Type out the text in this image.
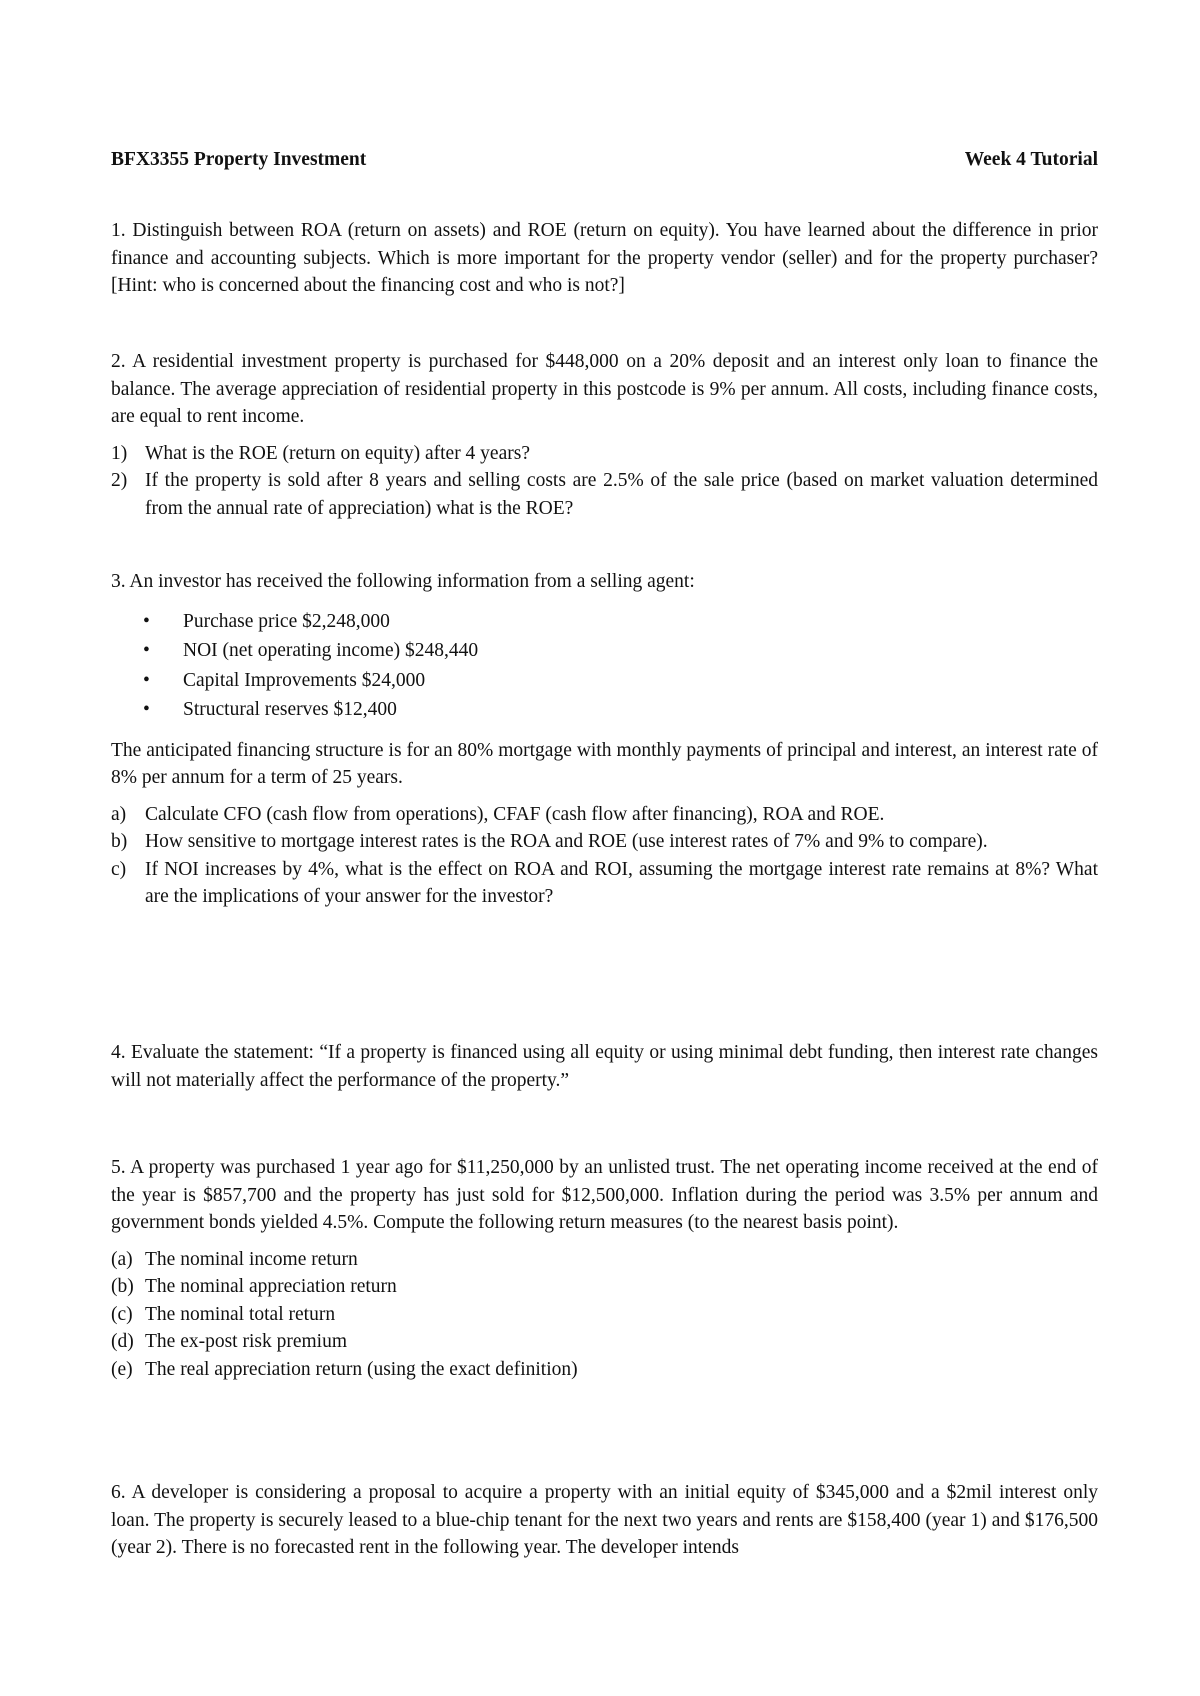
BFX3355 Property Investment	Week 4 Tutorial

1. Distinguish between ROA (return on assets) and ROE (return on equity). You have learned about the difference in prior finance and accounting subjects. Which is more important for the property vendor (seller) and for the property purchaser? [Hint: who is concerned about the financing cost and who is not?]

2. A residential investment property is purchased for $448,000 on a 20% deposit and an interest only loan to finance the balance. The average appreciation of residential property in this postcode is 9% per annum. All costs, including finance costs, are equal to rent income.

1) What is the ROE (return on equity) after 4 years?
2) If the property is sold after 8 years and selling costs are 2.5% of the sale price (based on market valuation determined from the annual rate of appreciation) what is the ROE?

3. An investor has received the following information from a selling agent:

• Purchase price $2,248,000
• NOI (net operating income) $248,440
• Capital Improvements $24,000
• Structural reserves $12,400

The anticipated financing structure is for an 80% mortgage with monthly payments of principal and interest, an interest rate of 8% per annum for a term of 25 years.

a) Calculate CFO (cash flow from operations), CFAF (cash flow after financing), ROA and ROE.
b) How sensitive to mortgage interest rates is the ROA and ROE (use interest rates of 7% and 9% to compare).
c) If NOI increases by 4%, what is the effect on ROA and ROI, assuming the mortgage interest rate remains at 8%? What are the implications of your answer for the investor?

4. Evaluate the statement: “If a property is financed using all equity or using minimal debt funding, then interest rate changes will not materially affect the performance of the property.”

5. A property was purchased 1 year ago for $11,250,000 by an unlisted trust. The net operating income received at the end of the year is $857,700 and the property has just sold for $12,500,000. Inflation during the period was 3.5% per annum and government bonds yielded 4.5%. Compute the following return measures (to the nearest basis point).

(a) The nominal income return
(b) The nominal appreciation return
(c) The nominal total return
(d) The ex-post risk premium
(e) The real appreciation return (using the exact definition)

6. A developer is considering a proposal to acquire a property with an initial equity of $345,000 and a $2mil interest only loan. The property is securely leased to a blue-chip tenant for the next two years and rents are $158,400 (year 1) and $176,500 (year 2). There is no forecasted rent in the following year. The developer intends
